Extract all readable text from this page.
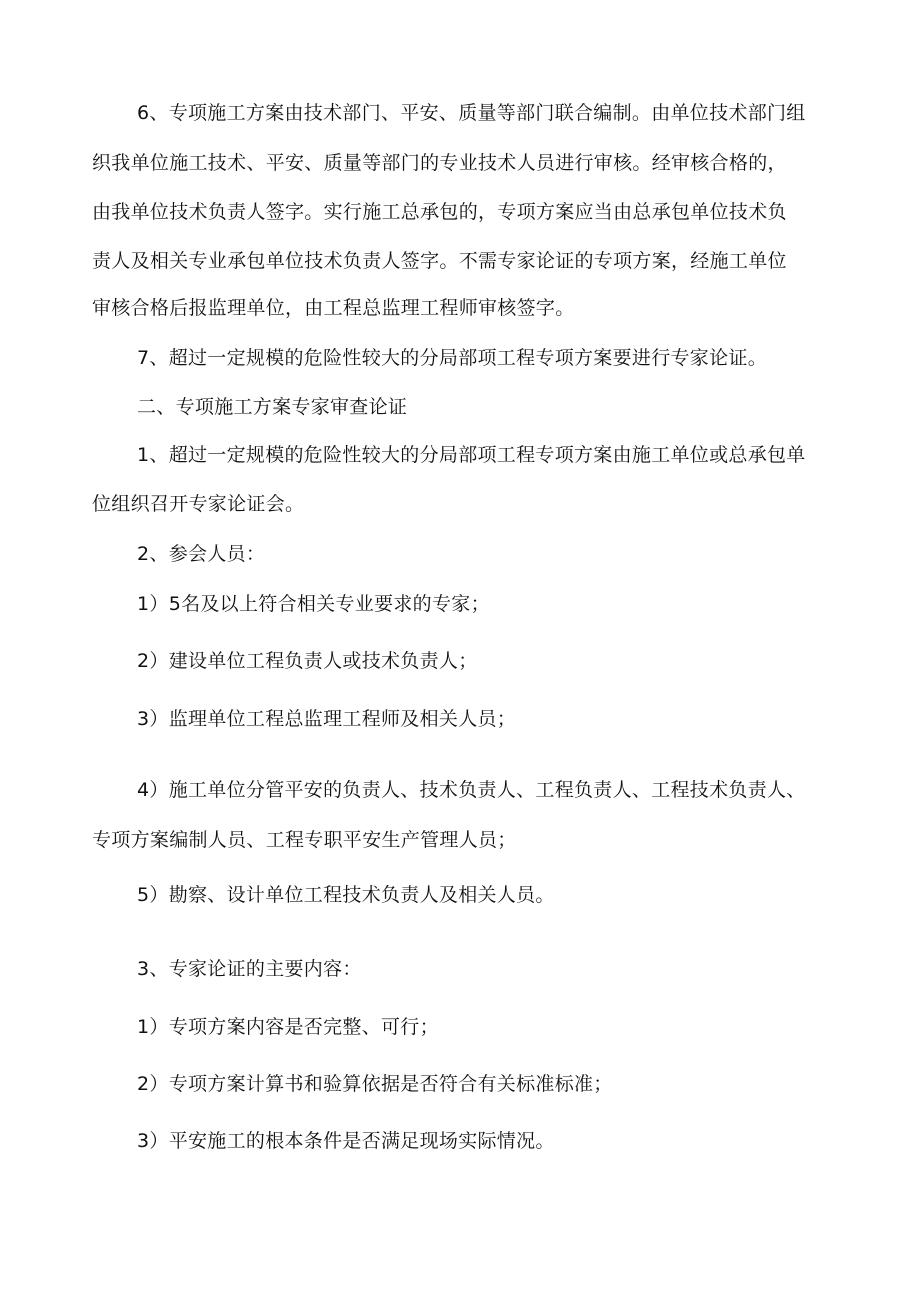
6、专项施工方案由技术部门、平安、质量等部门联合编制。由单位技术部门组
织我单位施工技术、平安、质量等部门的专业技术人员进行审核。经审核合格的，
由我单位技术负责人签字。实行施工总承包的，专项方案应当由总承包单位技术负
责人及相关专业承包单位技术负责人签字。不需专家论证的专项方案，经施工单位
审核合格后报监理单位，由工程总监理工程师审核签字。
7、超过一定规模的危险性较大的分局部项工程专项方案要进行专家论证。
二、专项施工方案专家审查论证
1、超过一定规模的危险性较大的分局部项工程专项方案由施工单位或总承包单
位组织召开专家论证会。
2、参会人员：
1）5名及以上符合相关专业要求的专家；
2）建设单位工程负责人或技术负责人；
3）监理单位工程总监理工程师及相关人员；
4）施工单位分管平安的负责人、技术负责人、工程负责人、工程技术负责人、
专项方案编制人员、工程专职平安生产管理人员；
5）勘察、设计单位工程技术负责人及相关人员。
3、专家论证的主要内容：
1）专项方案内容是否完整、可行；
2）专项方案计算书和验算依据是否符合有关标准标准；
3）平安施工的根本条件是否满足现场实际情况。
